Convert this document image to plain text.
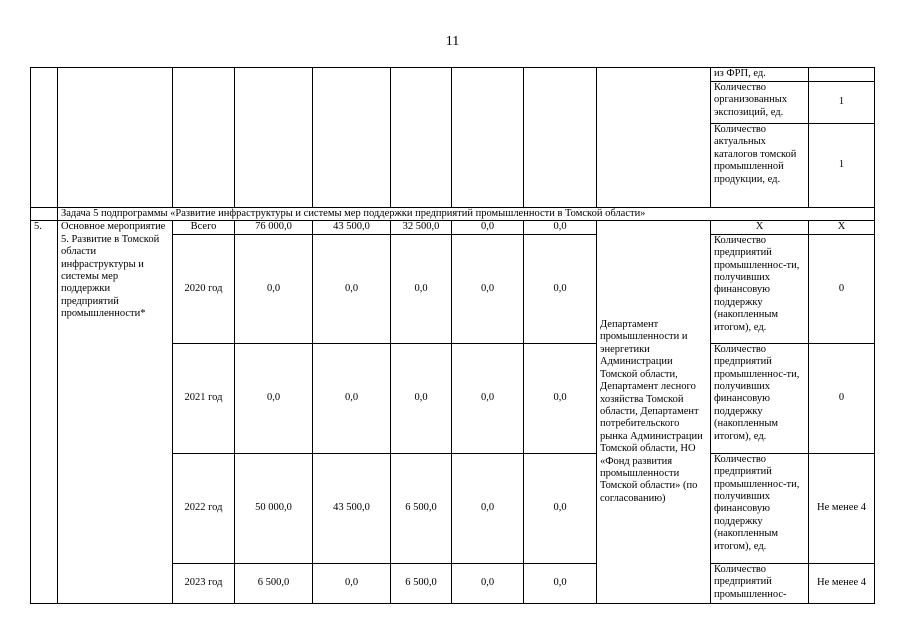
11
									из ФРП, ед.	
									Количество организованных экспозиций, ед.	1
									Количество актуальных каталогов томской промышленной продукции, ед.	1
	Задача 5 подпрограммы «Развитие инфраструктуры и системы мер поддержки предприятий промышленности в Томской области»									
5.	Основное мероприятие 5. Развитие в Томской области инфраструктуры и системы мер поддержки предприятий промышленности*	Всего	76 000,0	43 500,0	32 500,0	0,0	0,0	Департамент промышленности и энергетики Администрации Томской области, Департамент лесного хозяйства Томской области, Департамент потребительского рынка Администрации Томской области, НО «Фонд развития промышленности Томской области» (по согласованию)	Х	Х
		2020 год	0,0	0,0	0,0	0,0	0,0		Количество предприятий промышленнос-ти, получивших финансовую поддержку (накопленным итогом), ед.	0
		2021 год	0,0	0,0	0,0	0,0	0,0		Количество предприятий промышленнос-ти, получивших финансовую поддержку (накопленным итогом), ед.	0
		2022 год	50 000,0	43 500,0	6 500,0	0,0	0,0		Количество предприятий промышленнос-ти, получивших финансовую поддержку (накопленным итогом), ед.	Не менее 4
		2023 год	6 500,0	0,0	6 500,0	0,0	0,0		Количество предприятий промышленнос-	Не менее 4
